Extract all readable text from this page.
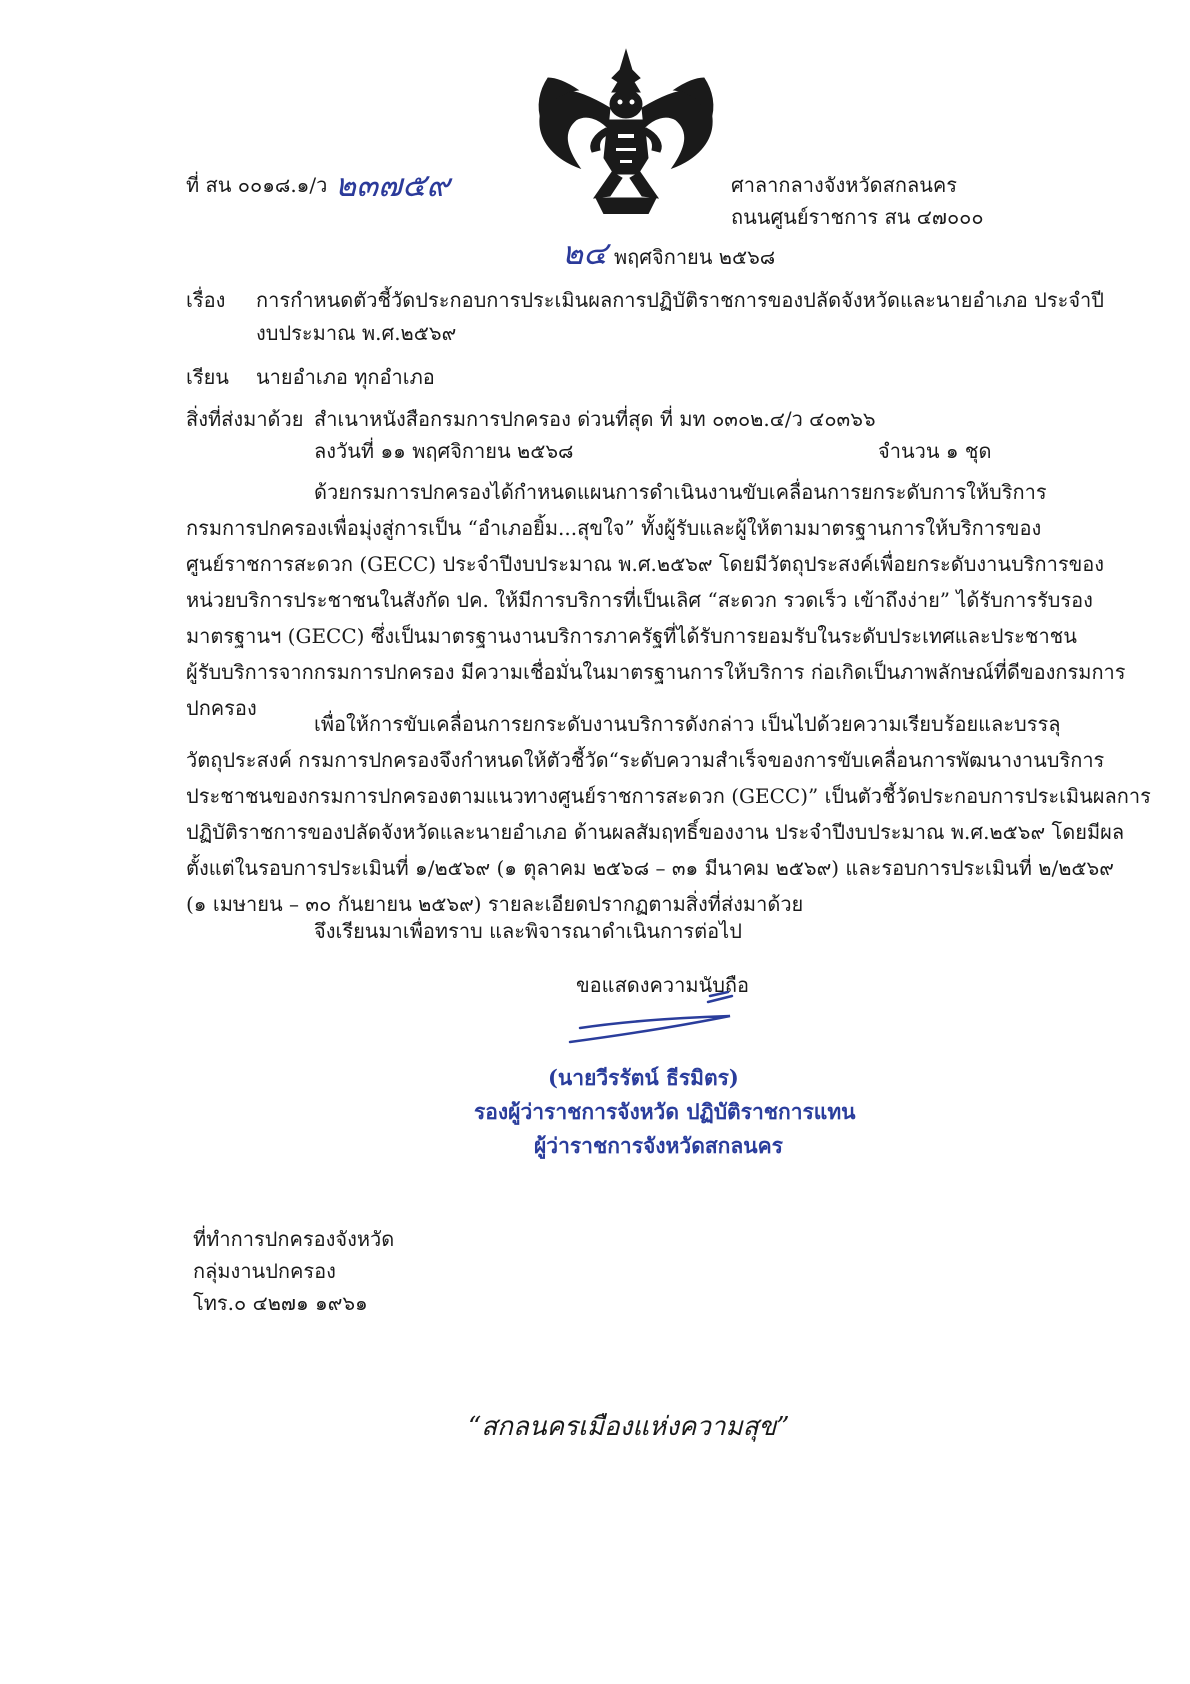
ที่ สน ๐๐๑๘.๑/ว ๒๓๗๕๙	ศาลากลางจังหวัดสกลนคร
ถนนศูนย์ราชการ สน ๔๗๐๐๐
๒๔ พฤศจิกายน ๒๕๖๘
เรื่อง การกำหนดตัวชี้วัดประกอบการประเมินผลการปฏิบัติราชการของปลัดจังหวัดและนายอำเภอ ประจำปี
งบประมาณ พ.ศ.๒๕๖๙
เรียน นายอำเภอ ทุกอำเภอ
สิ่งที่ส่งมาด้วย สำเนาหนังสือกรมการปกครอง ด่วนที่สุด ที่ มท ๐๓๐๒.๔/ว ๔๐๓๖๖
ลงวันที่ ๑๑ พฤศจิกายน ๒๕๖๘	จำนวน ๑ ชุด
ด้วยกรมการปกครองได้กำหนดแผนการดำเนินงานขับเคลื่อนการยกระดับการให้บริการ
กรมการปกครองเพื่อมุ่งสู่การเป็น “อำเภอยิ้ม...สุขใจ” ทั้งผู้รับและผู้ให้ตามมาตรฐานการให้บริการของ
ศูนย์ราชการสะดวก (GECC) ประจำปีงบประมาณ พ.ศ.๒๕๖๙ โดยมีวัตถุประสงค์เพื่อยกระดับงานบริการของ
หน่วยบริการประชาชนในสังกัด ปค. ให้มีการบริการที่เป็นเลิศ “สะดวก รวดเร็ว เข้าถึงง่าย” ได้รับการรับรอง
มาตรฐานฯ (GECC) ซึ่งเป็นมาตรฐานงานบริการภาครัฐที่ได้รับการยอมรับในระดับประเทศและประชาชน
ผู้รับบริการจากกรมการปกครอง มีความเชื่อมั่นในมาตรฐานการให้บริการ ก่อเกิดเป็นภาพลักษณ์ที่ดีของกรมการ
ปกครอง
เพื่อให้การขับเคลื่อนการยกระดับงานบริการดังกล่าว เป็นไปด้วยความเรียบร้อยและบรรลุ
วัตถุประสงค์ กรมการปกครองจึงกำหนดให้ตัวชี้วัด“ระดับความสำเร็จของการขับเคลื่อนการพัฒนางานบริการ
ประชาชนของกรมการปกครองตามแนวทางศูนย์ราชการสะดวก (GECC)” เป็นตัวชี้วัดประกอบการประเมินผลการ
ปฏิบัติราชการของปลัดจังหวัดและนายอำเภอ ด้านผลสัมฤทธิ์ของงาน ประจำปีงบประมาณ พ.ศ.๒๕๖๙ โดยมีผล
ตั้งแต่ในรอบการประเมินที่ ๑/๒๕๖๙ (๑ ตุลาคม ๒๕๖๘ – ๓๑ มีนาคม ๒๕๖๙) และรอบการประเมินที่ ๒/๒๕๖๙
(๑ เมษายน – ๓๐ กันยายน ๒๕๖๙) รายละเอียดปรากฏตามสิ่งที่ส่งมาด้วย
จึงเรียนมาเพื่อทราบ และพิจารณาดำเนินการต่อไป
ขอแสดงความนับถือ
(นายวีรรัตน์ ธีรมิตร)
รองผู้ว่าราชการจังหวัด ปฏิบัติราชการแทน
ผู้ว่าราชการจังหวัดสกลนคร
ที่ทำการปกครองจังหวัด
กลุ่มงานปกครอง
โทร.๐ ๔๒๗๑ ๑๙๖๑
“สกลนครเมืองแห่งความสุข”
